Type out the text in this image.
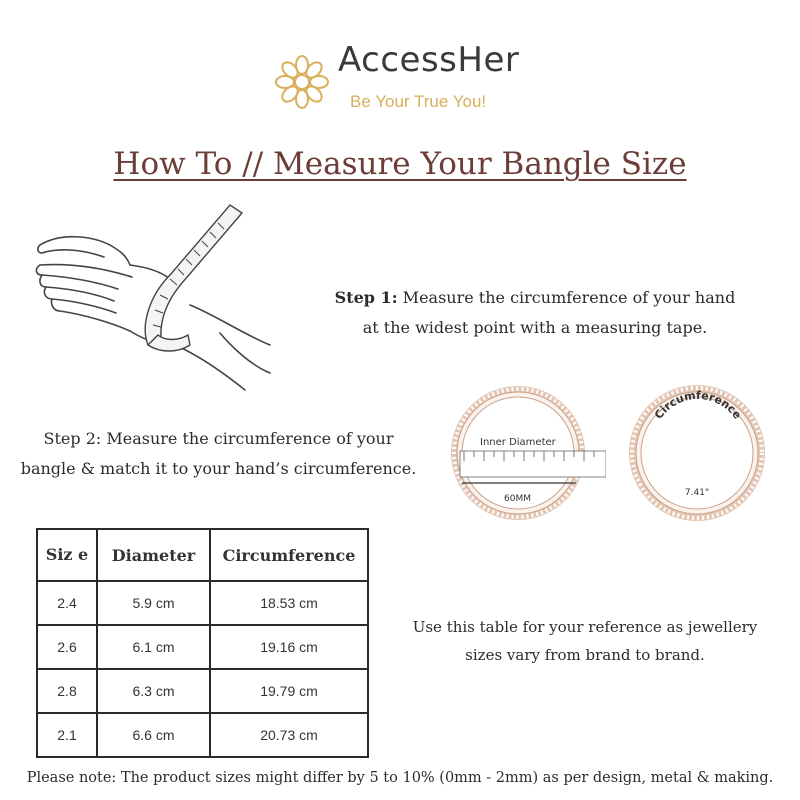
AccessHer
Be Your True You!
How To // Measure Your Bangle Size
Step 1: Measure the circumference of your hand
at the widest point with a measuring tape.
Step 2: Measure the circumference of your
bangle & match it to your hand’s circumference.
Inner Diameter
60MM
Circumference
7.41"
Siz e	Diameter	Circumference
2.4	5.9 cm	18.53 cm
2.6	6.1 cm	19.16 cm
2.8	6.3 cm	19.79 cm
2.1	6.6 cm	20.73 cm
Use this table for your reference as jewellery
sizes vary from brand to brand.
Please note: The product sizes might differ by 5 to 10% (0mm - 2mm) as per design, metal & making.
